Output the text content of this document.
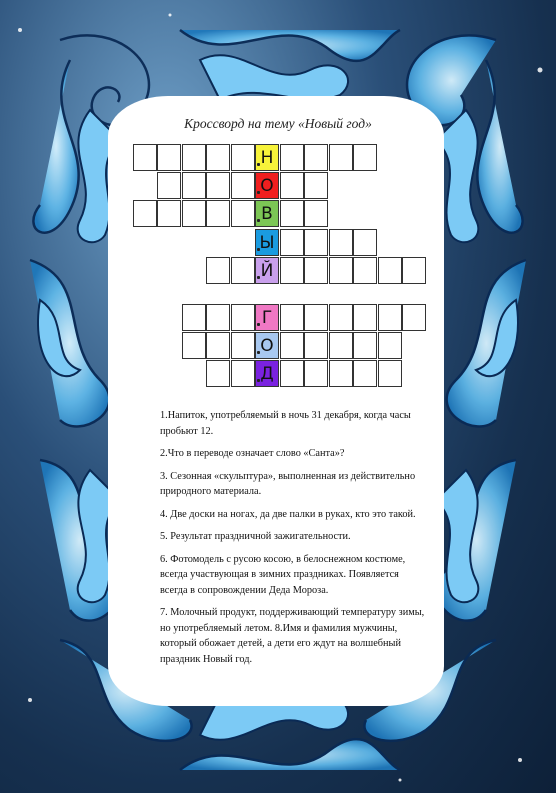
Кроссворд на тему «Новый год»
Н
О
В
Ы
Й
Г
О
Д

1.Напиток, употребляемый в ночь 31 декабря, когда часы пробьют 12.

2.Что в переводе означает слово «Санта»?

3. Сезонная «скульптура», выполненная из действительно природного материала.

4. Две доски на ногах, да две палки в руках, кто это такой.

5. Результат праздничной зажигательности.

6. Фотомодель с русою косою, в белоснежном костюме, всегда участвующая в зимних праздниках. Появляется всегда в сопровождении Деда Мороза.

7. Молочный продукт, поддерживающий температуру зимы, но употребляемый летом. 8.Имя и фамилия мужчины, который обожает детей, а дети его ждут на волшебный праздник Новый год.
